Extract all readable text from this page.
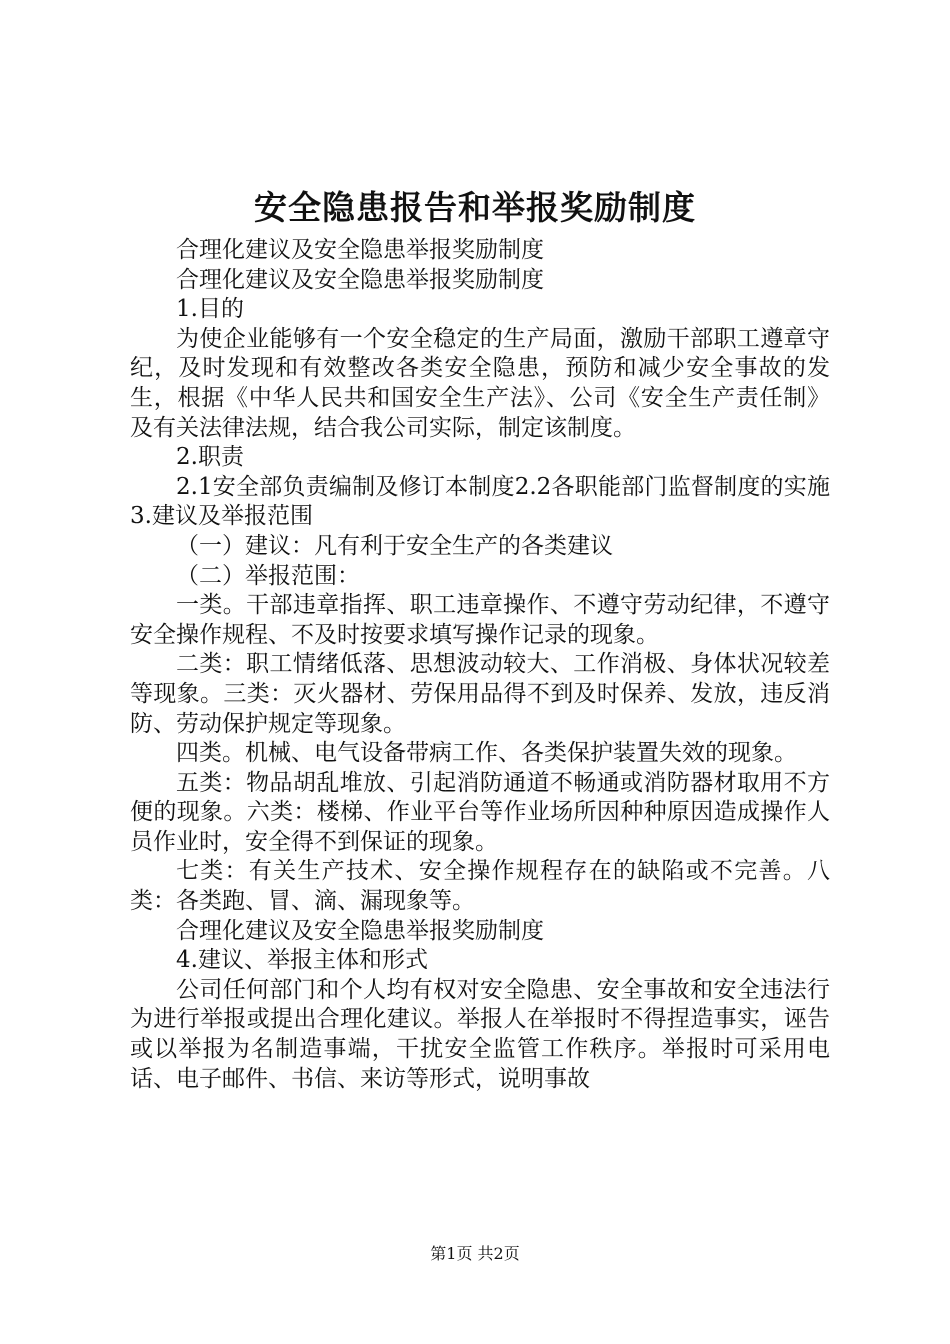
安全隐患报告和举报奖励制度

合理化建议及安全隐患举报奖励制度

合理化建议及安全隐患举报奖励制度

1.目的

为使企业能够有一个安全稳定的生产局面，激励干部职工遵章守纪，及时发现和有效整改各类安全隐患，预防和减少安全事故的发生，根据《中华人民共和国安全生产法》、公司《安全生产责任制》及有关法律法规，结合我公司实际，制定该制度。

2.职责

2.1安全部负责编制及修订本制度2.2各职能部门监督制度的实施3.建议及举报范围

（一）建议：凡有利于安全生产的各类建议

（二）举报范围：

一类。干部违章指挥、职工违章操作、不遵守劳动纪律，不遵守安全操作规程、不及时按要求填写操作记录的现象。

二类：职工情绪低落、思想波动较大、工作消极、身体状况较差等现象。三类：灭火器材、劳保用品得不到及时保养、发放，违反消防、劳动保护规定等现象。

四类。机械、电气设备带病工作、各类保护装置失效的现象。

五类：物品胡乱堆放、引起消防通道不畅通或消防器材取用不方便的现象。六类：楼梯、作业平台等作业场所因种种原因造成操作人员作业时，安全得不到保证的现象。

七类：有关生产技术、安全操作规程存在的缺陷或不完善。八类：各类跑、冒、滴、漏现象等。

合理化建议及安全隐患举报奖励制度

4.建议、举报主体和形式

公司任何部门和个人均有权对安全隐患、安全事故和安全违法行为进行举报或提出合理化建议。举报人在举报时不得捏造事实，诬告或以举报为名制造事端，干扰安全监管工作秩序。举报时可采用电话、电子邮件、书信、来访等形式，说明事故

第1页 共2页
